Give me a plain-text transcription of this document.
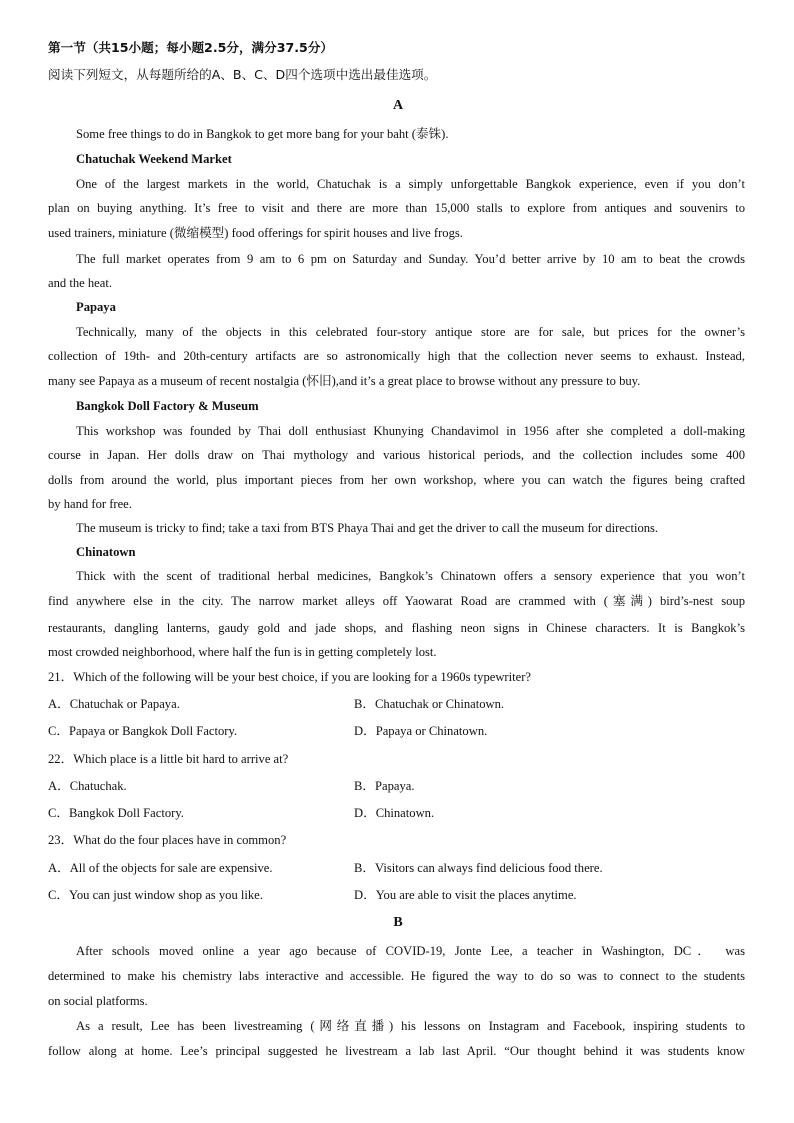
第一节（共15小题；每小题2.5分，满分37.5分）
阅读下列短文，从每题所给的A、B、C、D四个选项中选出最佳选项。
A
Some free things to do in Bangkok to get more bang for your baht (泰铢).
Chatuchak Weekend Market
One of the largest markets in the world, Chatuchak is a simply unforgettable Bangkok experience, even if you don’t
plan on buying anything. It’s free to visit and there are more than 15,000 stalls to explore from antiques and souvenirs to
used trainers, miniature (微缩模型) food offerings for spirit houses and live frogs.
The full market operates from 9 am to 6 pm on Saturday and Sunday. You’d better arrive by 10 am to beat the crowds
and the heat.
Papaya
Technically, many of the objects in this celebrated four-story antique store are for sale, but prices for the owner’s
collection of 19th- and 20th-century artifacts are so astronomically high that the collection never seems to exhaust. Instead,
many see Papaya as a museum of recent nostalgia (怀旧),and it’s a great place to browse without any pressure to buy.
Bangkok Doll Factory & Museum
This workshop was founded by Thai doll enthusiast Khunying Chandavimol in 1956 after she completed a doll-making
course in Japan. Her dolls draw on Thai mythology and various historical periods, and the collection includes some 400
dolls from around the world, plus important pieces from her own workshop, where you can watch the figures being crafted
by hand for free.
The museum is tricky to find; take a taxi from BTS Phaya Thai and get the driver to call the museum for directions.
Chinatown
Thick with the scent of traditional herbal medicines, Bangkok’s Chinatown offers a sensory experience that you won’t
find anywhere else in the city. The narrow market alleys off Yaowarat Road are crammed with (塞满) bird’s-nest soup
restaurants, dangling lanterns, gaudy gold and jade shops, and flashing neon signs in Chinese characters. It is Bangkok’s
most crowded neighborhood, where half the fun is in getting completely lost.
21．Which of the following will be your best choice, if you are looking for a 1960s typewriter?
A．Chatuchak or Papaya.	B．Chatuchak or Chinatown.
C．Papaya or Bangkok Doll Factory.	D．Papaya or Chinatown.
22．Which place is a little bit hard to arrive at?
A．Chatuchak.	B．Papaya.
C．Bangkok Doll Factory.	D．Chinatown.
23．What do the four places have in common?
A．All of the objects for sale are expensive.	B．Visitors can always find delicious food there.
C．You can just window shop as you like.	D．You are able to visit the places anytime.
B
After schools moved online a year ago because of COVID-19, Jonte Lee, a teacher in Washington, DC． was
determined to make his chemistry labs interactive and accessible. He figured the way to do so was to connect to the students
on social platforms.
As a result, Lee has been livestreaming (网络直播) his lessons on Instagram and Facebook, inspiring students to
follow along at home. Lee’s principal suggested he livestream a lab last April. “Our thought behind it was students know
